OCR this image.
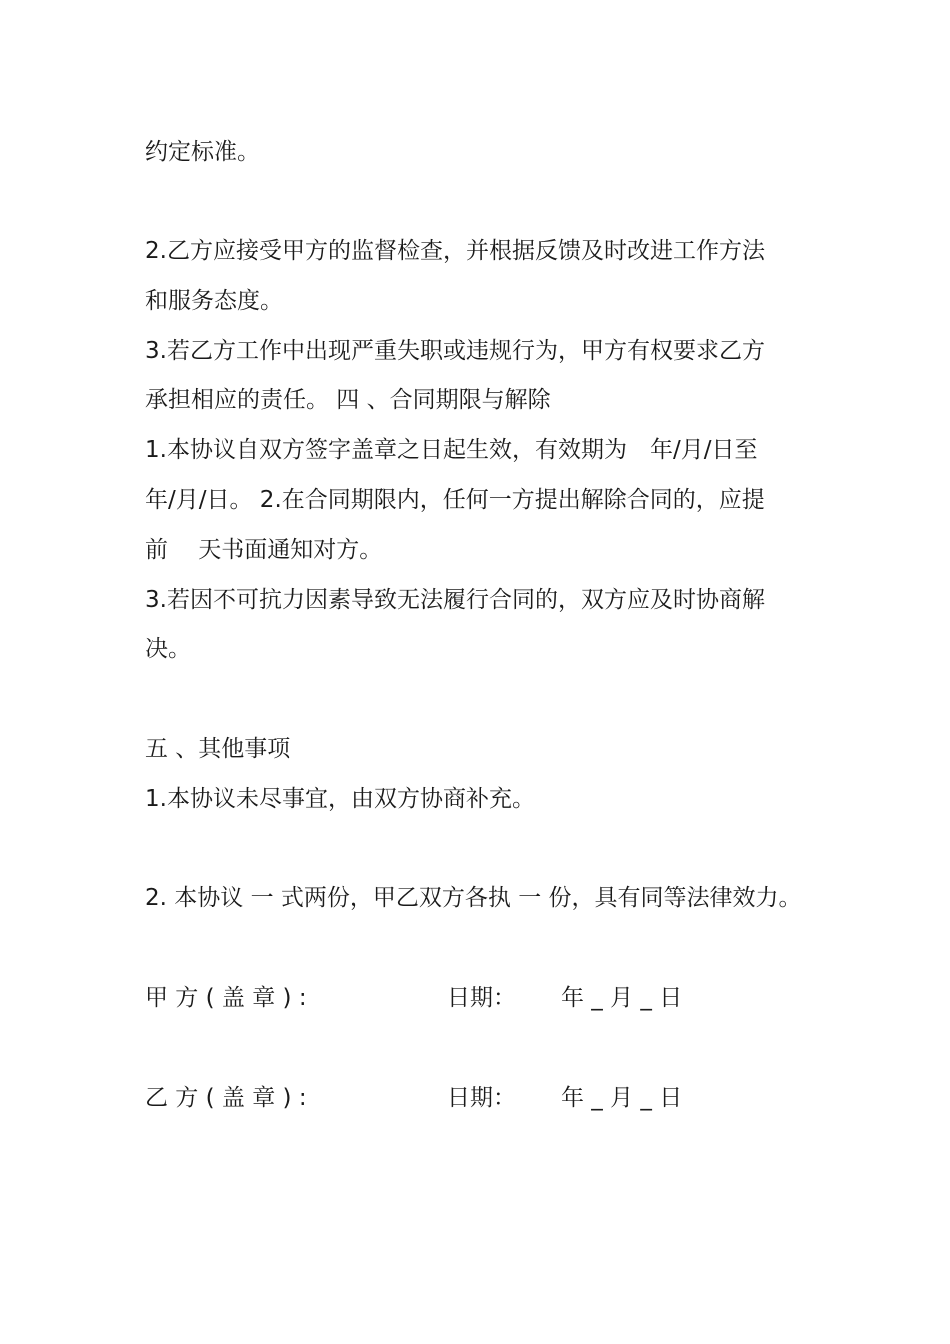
约定标准。
2.乙方应接受甲方的监督检查，并根据反馈及时改进工作方法
和服务态度。
3.若乙方工作中出现严重失职或违规行为，甲方有权要求乙方
承担相应的责任。 四 、合同期限与解除
1.本协议自双方签字盖章之日起生效，有效期为　年/月/日至
年/月/日。 2.在合同期限内，任何一方提出解除合同的，应提
前　 天书面通知对方。
3.若因不可抗力因素导致无法履行合同的，双方应及时协商解
决。
五 、其他事项
1.本协议未尽事宜，由双方协商补充。
2. 本协议 一 式两份，甲乙双方各执 一 份，具有同等法律效力。
甲 方 ( 盖 章 ) :	日期： 年 _ 月 _ 日
乙 方 ( 盖 章 ) :	日期： 年 _ 月 _ 日
